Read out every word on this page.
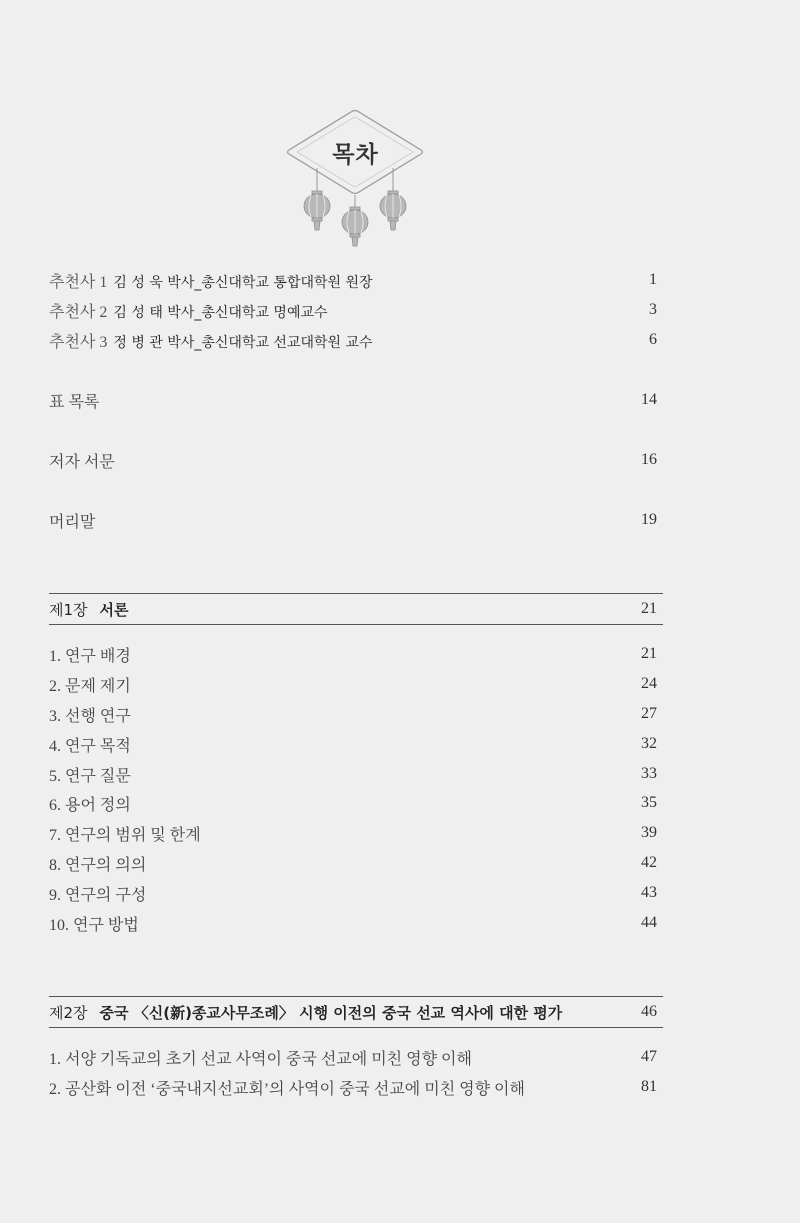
목차
추천사 1 김 성 욱 박사_총신대학교 통합대학원 원장	1
추천사 2 김 성 태 박사_총신대학교 명예교수	3
추천사 3 정 병 관 박사_총신대학교 선교대학원 교수	6
표 목록	14
저자 서문	16
머리말	19
제1장 서론	21
1. 연구 배경	21
2. 문제 제기	24
3. 선행 연구	27
4. 연구 목적	32
5. 연구 질문	33
6. 용어 정의	35
7. 연구의 범위 및 한계	39
8. 연구의 의의	42
9. 연구의 구성	43
10. 연구 방법	44
제2장 중국 〈신(新)종교사무조례〉 시행 이전의 중국 선교 역사에 대한 평가	46
1. 서양 기독교의 초기 선교 사역이 중국 선교에 미친 영향 이해	47
2. 공산화 이전 ‘중국내지선교회’의 사역이 중국 선교에 미친 영향 이해	81
